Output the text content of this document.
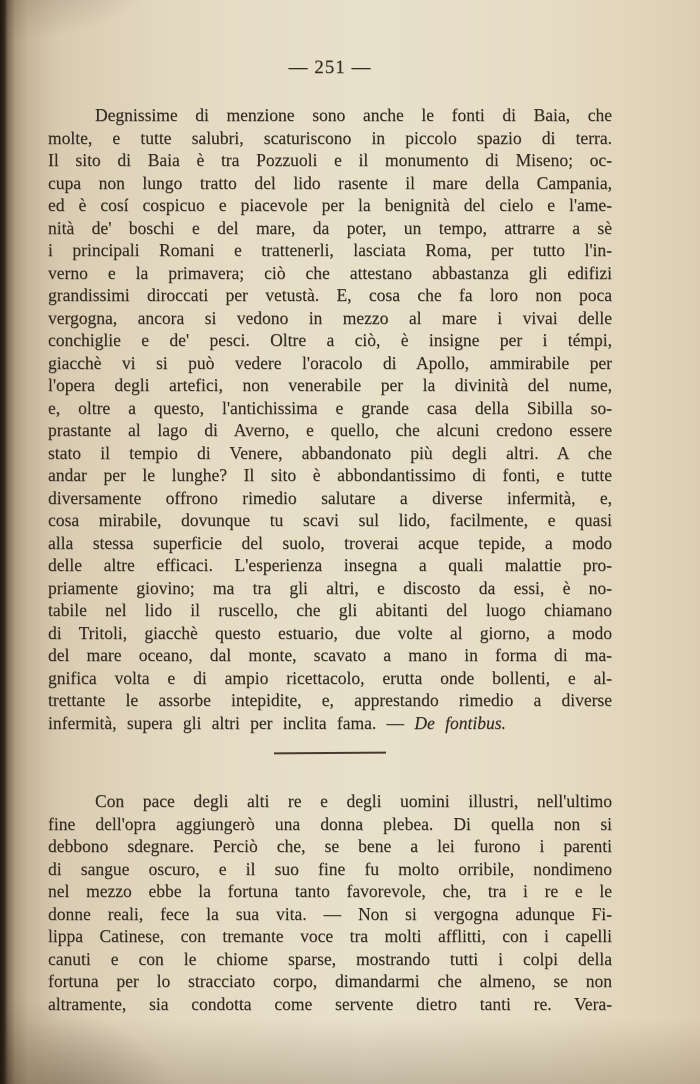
— 251 —
Degnissime di menzione sono anche le fonti di Baia, che
molte, e tutte salubri, scaturiscono in piccolo spazio di terra.
Il sito di Baia è tra Pozzuoli e il monumento di Miseno; oc-
cupa non lungo tratto del lido rasente il mare della Campania,
ed è cosí cospicuo e piacevole per la benignità del cielo e l'ame-
nità de' boschi e del mare, da poter, un tempo, attrarre a sè
i principali Romani e trattenerli, lasciata Roma, per tutto l'in-
verno e la primavera; ciò che attestano abbastanza gli edifizi
grandissimi diroccati per vetustà. E, cosa che fa loro non poca
vergogna, ancora si vedono in mezzo al mare i vivai delle
conchiglie e de' pesci. Oltre a ciò, è insigne per i témpi,
giacchè vi si può vedere l'oracolo di Apollo, ammirabile per
l'opera degli artefici, non venerabile per la divinità del nume,
e, oltre a questo, l'antichissima e grande casa della Sibilla so-
prastante al lago di Averno, e quello, che alcuni credono essere
stato il tempio di Venere, abbandonato più degli altri. A che
andar per le lunghe? Il sito è abbondantissimo di fonti, e tutte
diversamente offrono rimedio salutare a diverse infermità, e,
cosa mirabile, dovunque tu scavi sul lido, facilmente, e quasi
alla stessa superficie del suolo, troverai acque tepide, a modo
delle altre efficaci. L'esperienza insegna a quali malattie pro-
priamente giovino; ma tra gli altri, e discosto da essi, è no-
tabile nel lido il ruscello, che gli abitanti del luogo chiamano
di Tritoli, giacchè questo estuario, due volte al giorno, a modo
del mare oceano, dal monte, scavato a mano in forma di ma-
gnifica volta e di ampio ricettacolo, erutta onde bollenti, e al-
trettante le assorbe intepidite, e, apprestando rimedio a diverse
infermità, supera gli altri per inclita fama. — De fontibus.
Con pace degli alti re e degli uomini illustri, nell'ultimo
fine dell'opra aggiungerò una donna plebea. Di quella non si
debbono sdegnare. Perciò che, se bene a lei furono i parenti
di sangue oscuro, e il suo fine fu molto orribile, nondimeno
nel mezzo ebbe la fortuna tanto favorevole, che, tra i re e le
donne reali, fece la sua vita. — Non si vergogna adunque Fi-
lippa Catinese, con tremante voce tra molti afflitti, con i capelli
canuti e con le chiome sparse, mostrando tutti i colpi della
fortuna per lo stracciato corpo, dimandarmi che almeno, se non
altramente, sia condotta come servente dietro tanti re. Vera-
